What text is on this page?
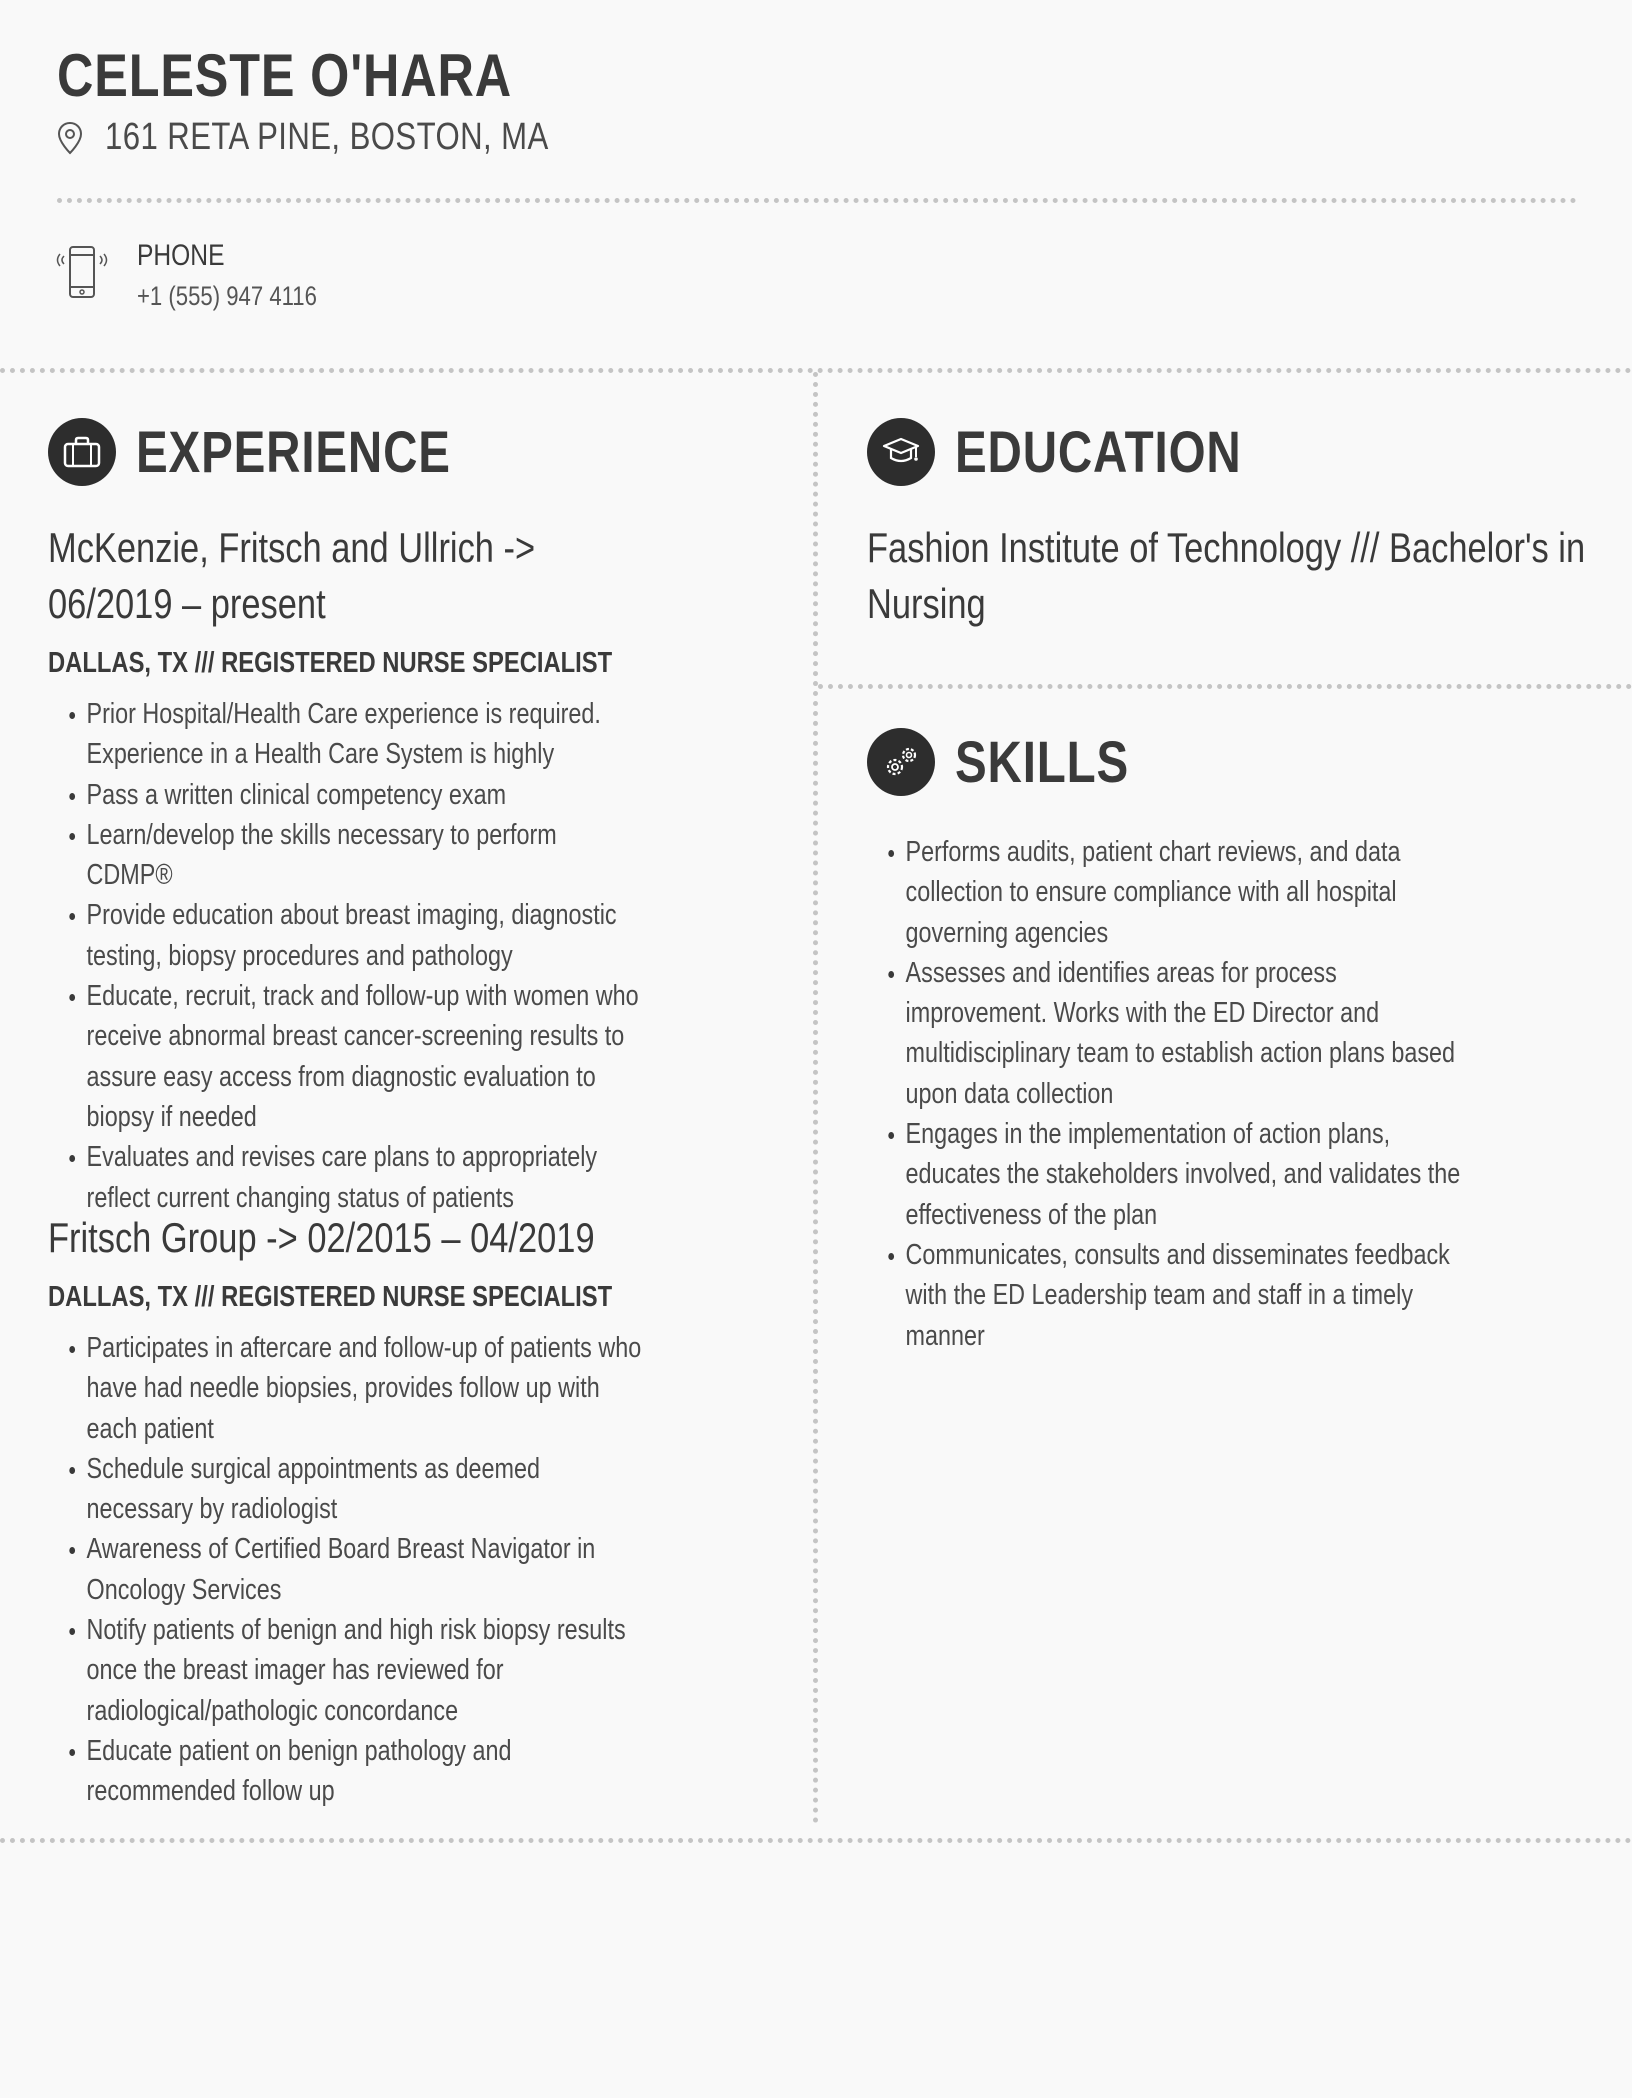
CELESTE O'HARA
161 RETA PINE, BOSTON, MA
PHONE
+1 (555) 947 4116
EXPERIENCE
McKenzie, Fritsch and Ullrich -> 06/2019 – present
DALLAS, TX /// REGISTERED NURSE SPECIALIST
• Prior Hospital/Health Care experience is required. Experience in a Health Care System is highly
• Pass a written clinical competency exam
• Learn/develop the skills necessary to perform CDMP®
• Provide education about breast imaging, diagnostic testing, biopsy procedures and pathology
• Educate, recruit, track and follow-up with women who receive abnormal breast cancer-screening results to assure easy access from diagnostic evaluation to biopsy if needed
• Evaluates and revises care plans to appropriately reflect current changing status of patients
Fritsch Group -> 02/2015 – 04/2019
DALLAS, TX /// REGISTERED NURSE SPECIALIST
• Participates in aftercare and follow-up of patients who have had needle biopsies, provides follow up with each patient
• Schedule surgical appointments as deemed necessary by radiologist
• Awareness of Certified Board Breast Navigator in Oncology Services
• Notify patients of benign and high risk biopsy results once the breast imager has reviewed for radiological/pathologic concordance
• Educate patient on benign pathology and recommended follow up
EDUCATION
Fashion Institute of Technology /// Bachelor's in Nursing
SKILLS
• Performs audits, patient chart reviews, and data collection to ensure compliance with all hospital governing agencies
• Assesses and identifies areas for process improvement. Works with the ED Director and multidisciplinary team to establish action plans based upon data collection
• Engages in the implementation of action plans, educates the stakeholders involved, and validates the effectiveness of the plan
• Communicates, consults and disseminates feedback with the ED Leadership team and staff in a timely manner
